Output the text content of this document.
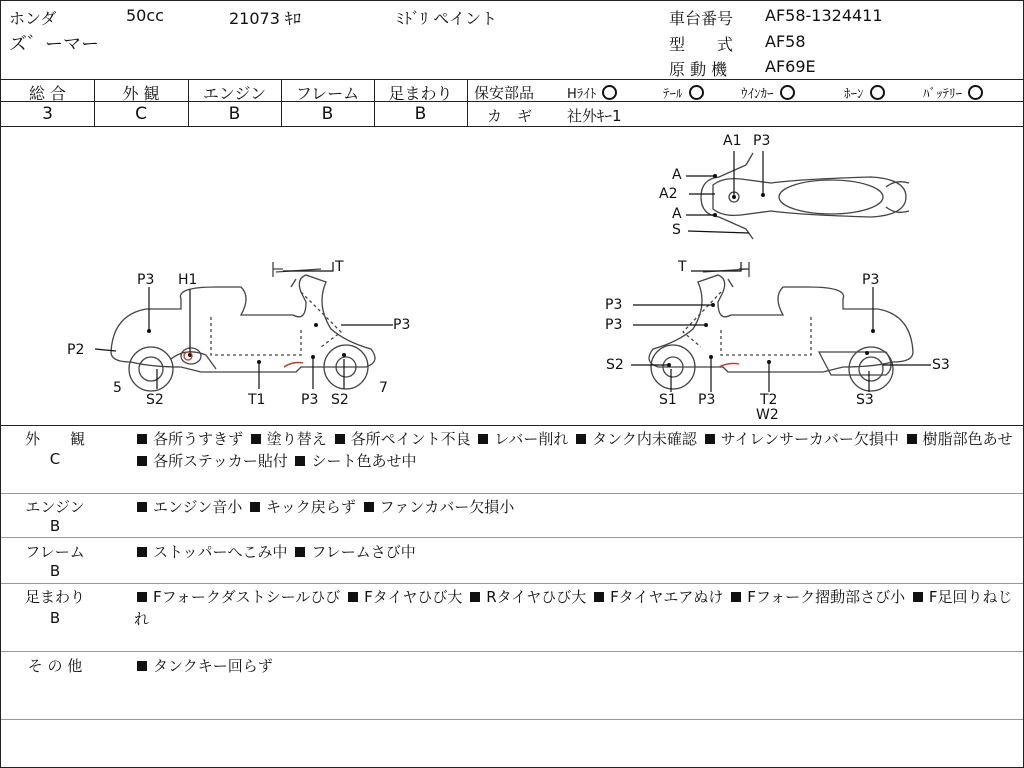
ホンダ	50cc	21073 ｷﾛ	ﾐﾄﾞﾘ ペイント
ズ゛ーマー
車台番号 AF58-1324411
型　　式 AF58
原 動 機 AF69E
総 合	外 観	エンジン	フレーム	足まわり
3	C	B	B	B
保安部品	Hﾗｲﾄ	ﾃｰﾙ	ｳｲﾝｶｰ	ﾎｰﾝ	ﾊﾞｯﾃﾘｰ
カ　ギ 社外ｷｰ1
A1 P3
A
A2
A
S
P3 H1
T
P3
P2
5
S2	T1	P3 S2
7
T
P3
P3
P3
S2	S3
S1 P3	T2
W2
S3
外　　観
C
各所うすきず 塗り替え 各所ペイント不良 レバー削れ タンク内未確認 サイレンサーカバー欠損中 樹脂部色あせ 各所ステッカー貼付 シート色あせ中
エンジン
B
エンジン音小 キック戻らず ファンカバー欠損小
フレーム
B
ストッパーへこみ中 フレームさび中
足まわり
B
Fフォークダストシールひび Fタイヤひび大 Rタイヤひび大 Fタイヤエアぬけ Fフォーク摺動部さび小 F足回りねじれ
そ の 他	タンクキー回らず
